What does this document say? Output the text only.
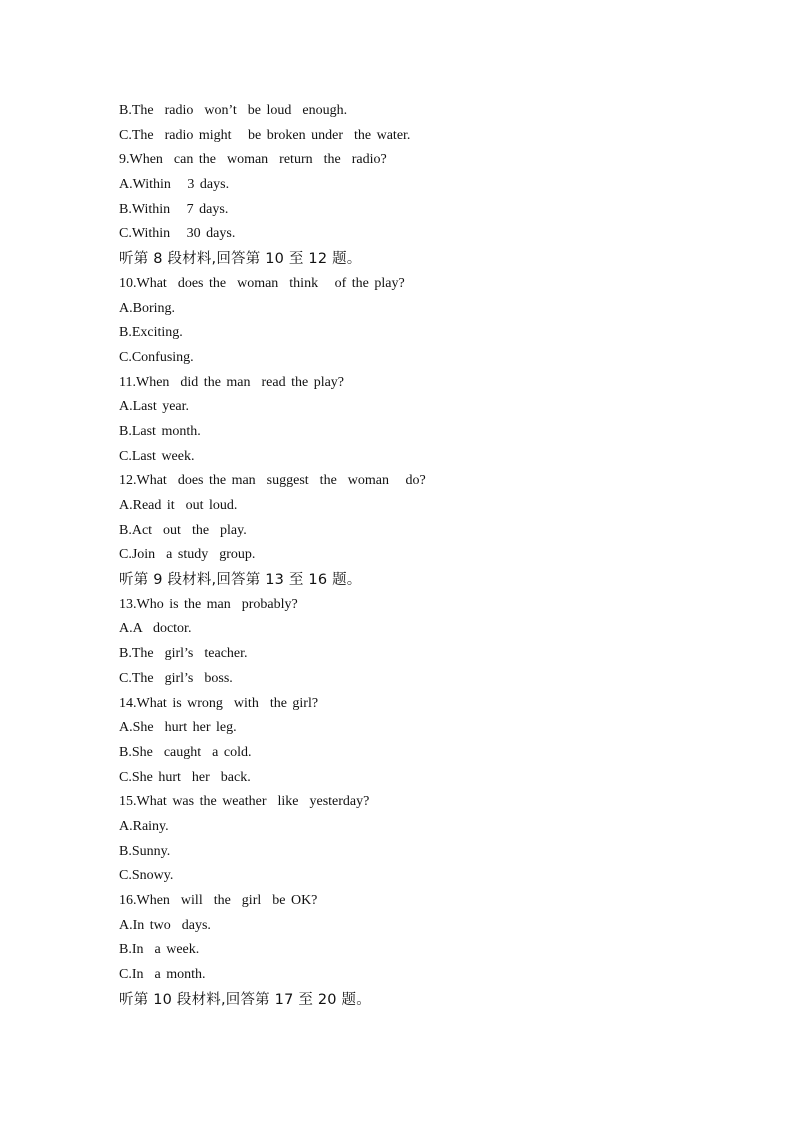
B.The  radio  won’t  be loud  enough.
C.The  radio might   be broken under  the water.
9.When  can the  woman  return  the  radio?
A.Within   3 days.
B.Within   7 days.
C.Within   30 days.
听第 8 段材料,回答第 10 至 12 题。
10.What  does the  woman  think   of the play?
A.Boring.
B.Exciting.
C.Confusing.
11.When  did the man  read the play?
A.Last year.
B.Last month.
C.Last week.
12.What  does the man  suggest  the  woman   do?
A.Read it  out loud.
B.Act  out  the  play.
C.Join  a study  group.
听第 9 段材料,回答第 13 至 16 题。
13.Who is the man  probably?
A.A  doctor.
B.The  girl’s  teacher.
C.The  girl’s  boss.
14.What is wrong  with  the girl?
A.She  hurt her leg.
B.She  caught  a cold.
C.She hurt  her  back.
15.What was the weather  like  yesterday?
A.Rainy.
B.Sunny.
C.Snowy.
16.When  will  the  girl  be OK?
A.In two  days.
B.In  a week.
C.In  a month.
听第 10 段材料,回答第 17 至 20 题。
